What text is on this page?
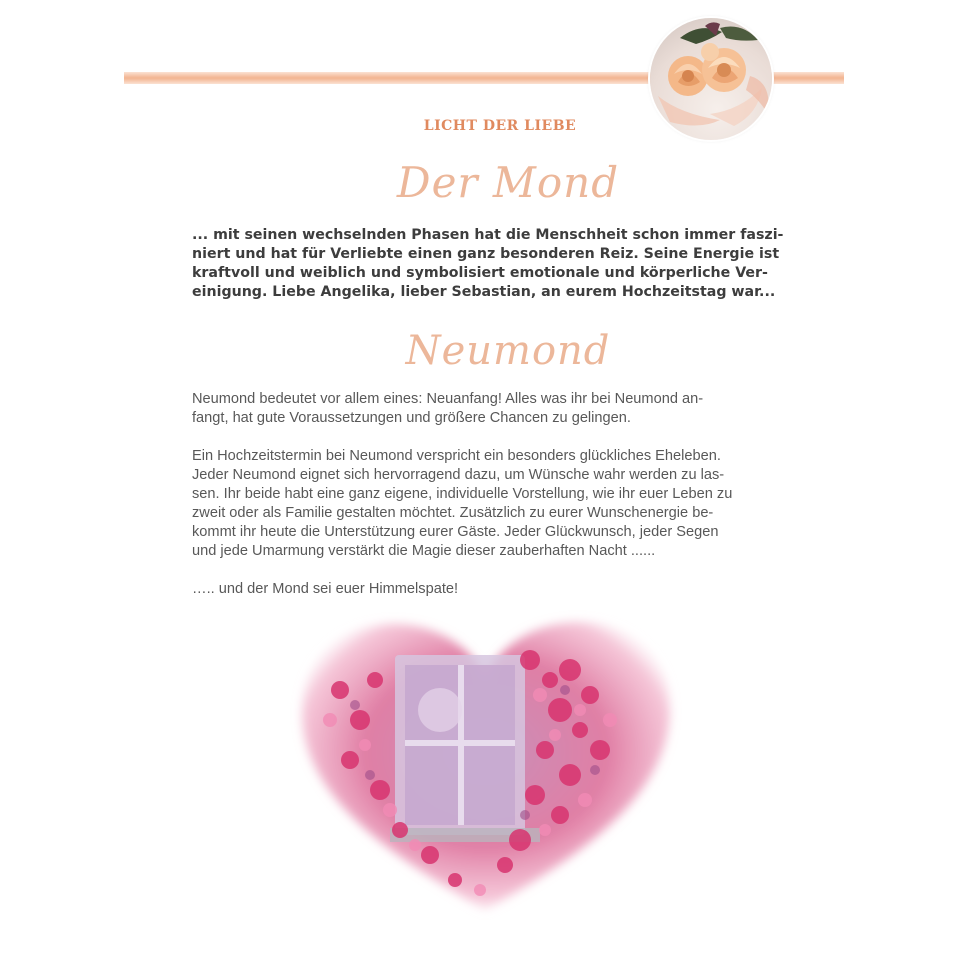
LICHT DER LIEBE
Der Mond

... mit seinen wechselnden Phasen hat die Menschheit schon immer faszi-

niert und hat für Verliebte einen ganz besonderen Reiz. Seine Energie ist

kraftvoll und weiblich und symbolisiert emotionale und körperliche Ver-

einigung. Liebe Angelika, lieber Sebastian, an eurem Hochzeitstag war...

Neumond

Neumond bedeutet vor allem eines: Neuanfang! Alles was ihr bei Neumond an-

fangt, hat gute Voraussetzungen und größere Chancen zu gelingen.

Ein Hochzeitstermin bei Neumond verspricht ein besonders glückliches Eheleben.

Jeder Neumond eignet sich hervorragend dazu, um Wünsche wahr werden zu las-

sen. Ihr beide habt eine ganz eigene, individuelle Vorstellung, wie ihr euer Leben zu

zweit oder als Familie gestalten möchtet. Zusätzlich zu eurer Wunschenergie be-

kommt ihr heute die Unterstützung eurer Gäste. Jeder Glückwunsch, jeder Segen

und jede Umarmung verstärkt die Magie dieser zauberhaften Nacht ......

….. und der Mond sei euer Himmelspate!
